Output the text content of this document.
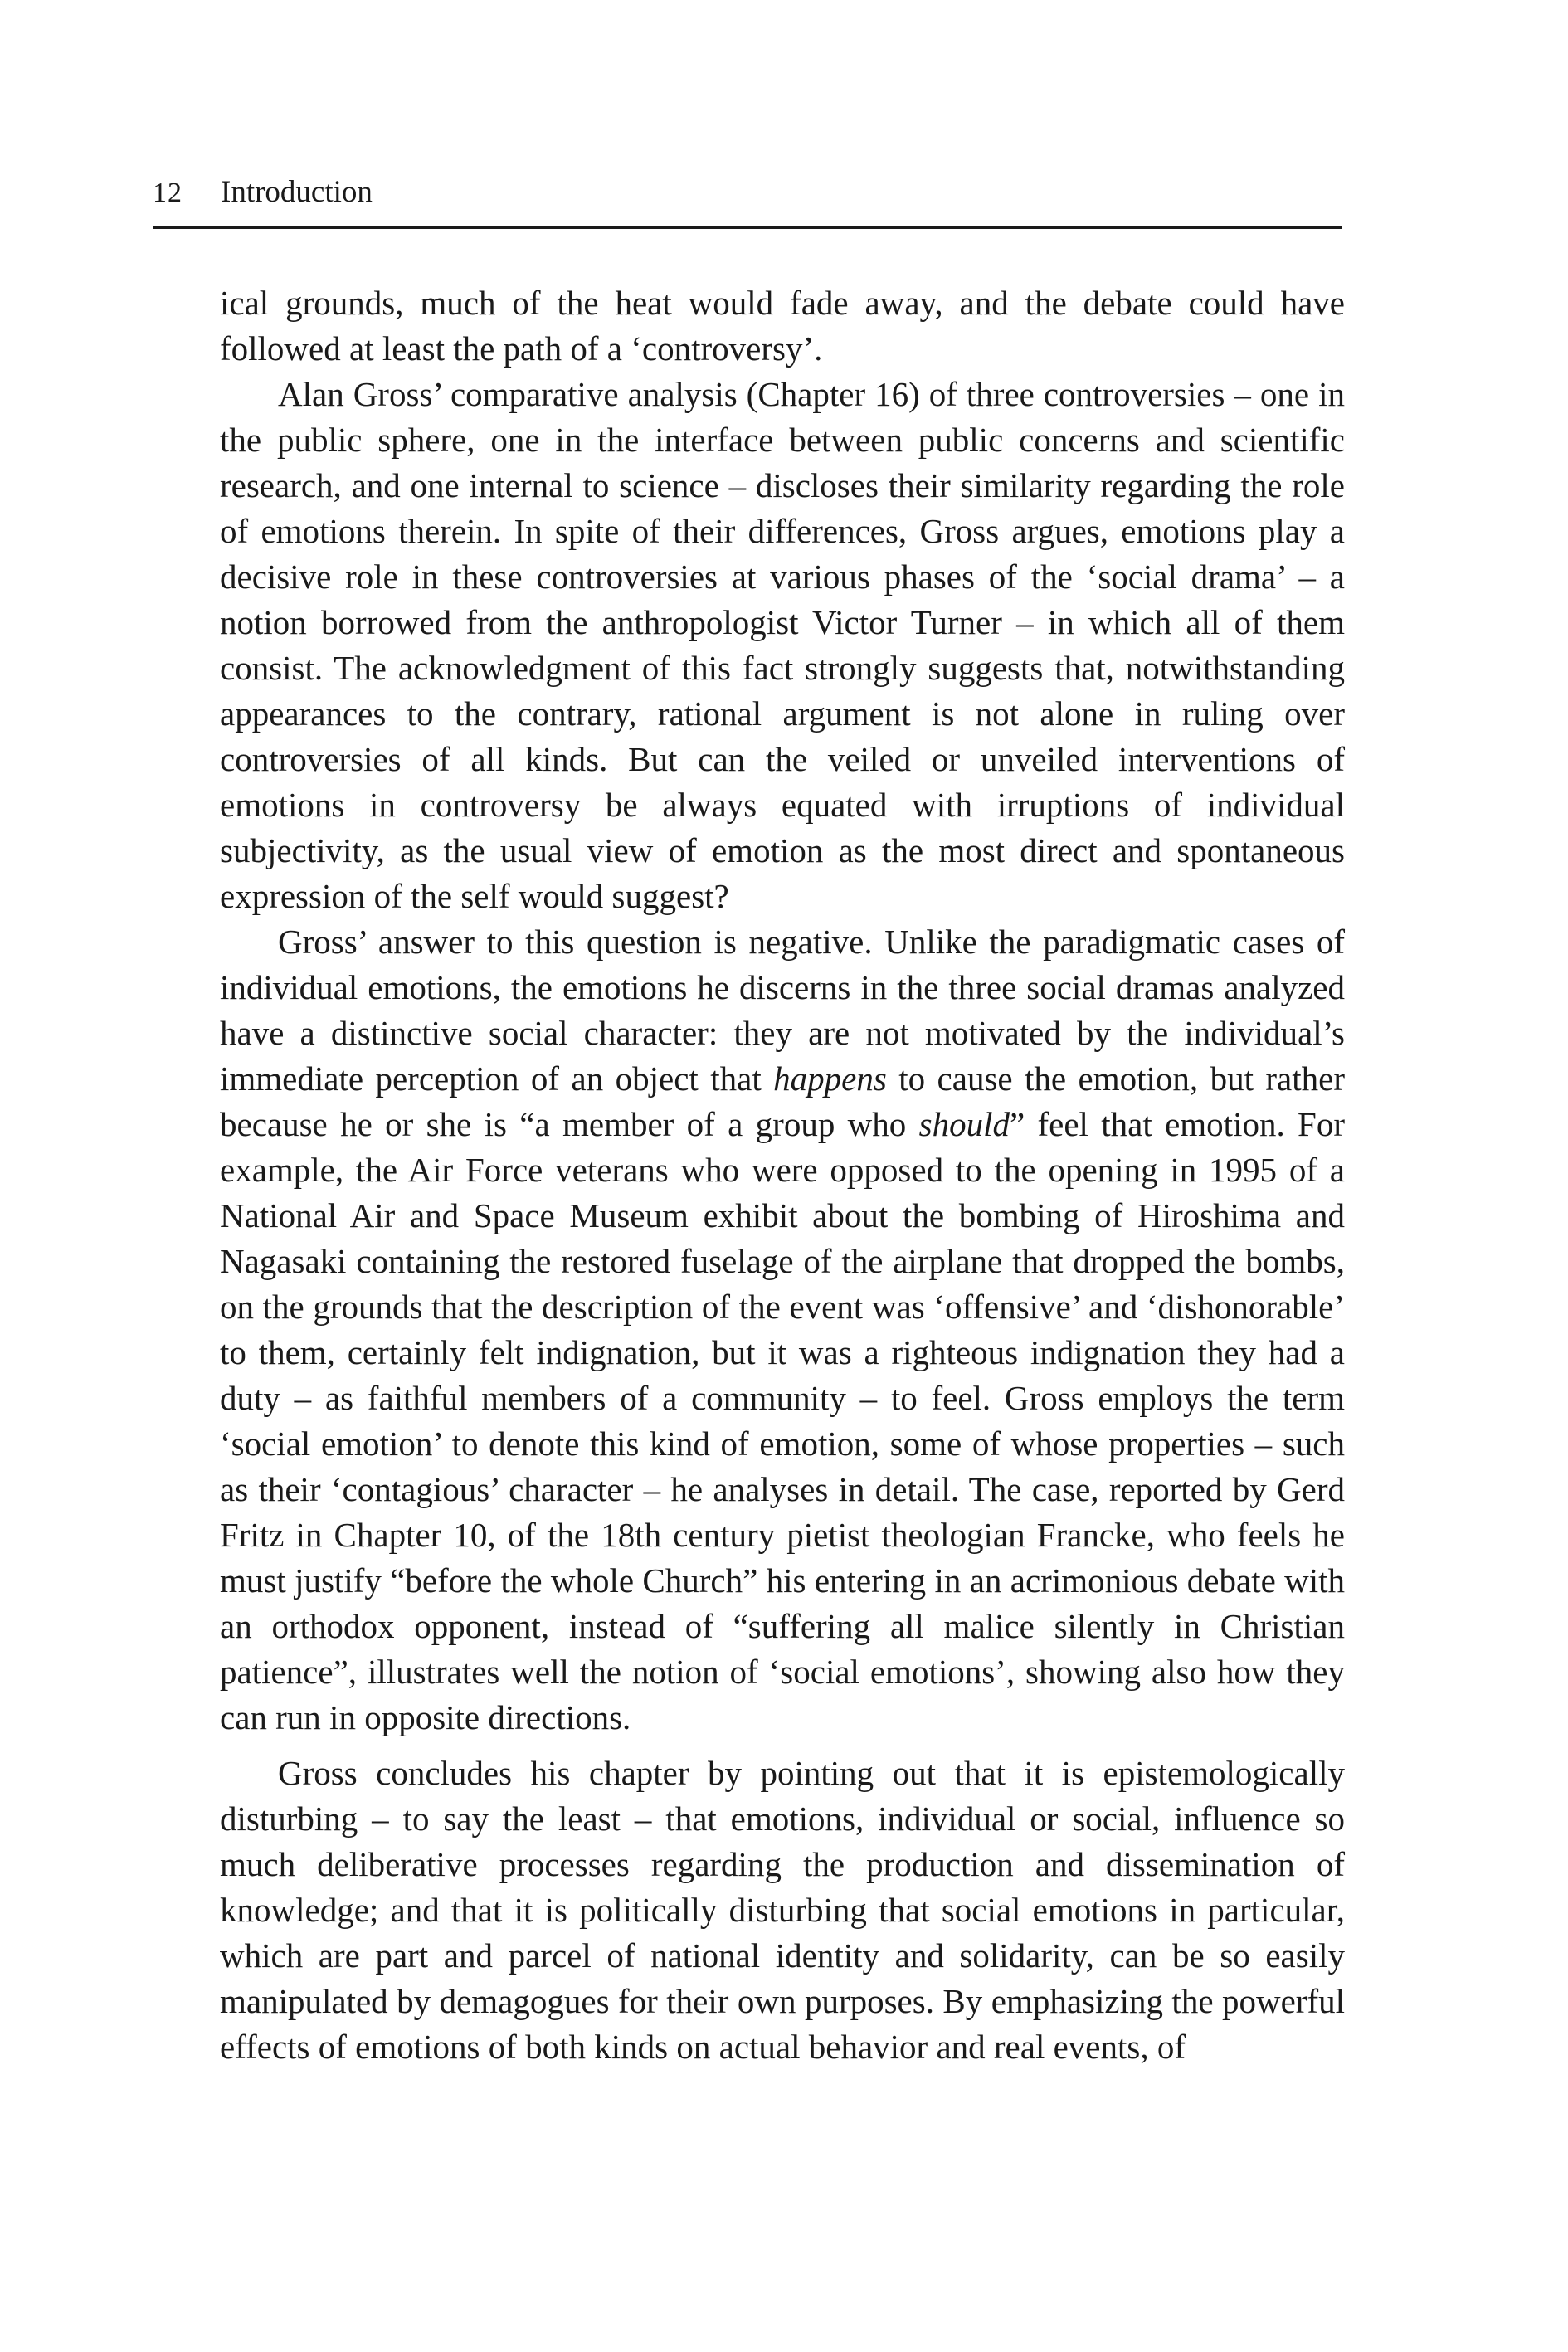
12 Introduction

ical grounds, much of the heat would fade away, and the debate could have followed at least the path of a ‘controversy’.

Alan Gross’ comparative analysis (Chapter 16) of three controversies – one in the public sphere, one in the interface between public concerns and scientific research, and one internal to science – discloses their similarity regarding the role of emotions therein. In spite of their differences, Gross argues, emotions play a decisive role in these controversies at various phases of the ‘social drama’ – a notion borrowed from the anthropologist Victor Turner – in which all of them consist. The acknowledgment of this fact strongly suggests that, notwithstanding appearances to the contrary, rational argument is not alone in ruling over controversies of all kinds. But can the veiled or unveiled interventions of emotions in controversy be always equated with irruptions of individual subjectivity, as the usual view of emotion as the most direct and spontaneous expression of the self would suggest?

Gross’ answer to this question is negative. Unlike the paradigmatic cases of individual emotions, the emotions he discerns in the three social dramas analyzed have a distinctive social character: they are not motivated by the individual’s immediate perception of an object that happens to cause the emotion, but rather because he or she is “a member of a group who should” feel that emotion. For example, the Air Force veterans who were opposed to the opening in 1995 of a National Air and Space Museum exhibit about the bombing of Hiroshima and Nagasaki containing the restored fuselage of the airplane that dropped the bombs, on the grounds that the description of the event was ‘offensive’ and ‘dishonorable’ to them, certainly felt indignation, but it was a righteous indignation they had a duty – as faithful members of a community – to feel. Gross employs the term ‘social emotion’ to denote this kind of emotion, some of whose properties – such as their ‘contagious’ character – he analyses in detail. The case, reported by Gerd Fritz in Chapter 10, of the 18th century pietist theologian Francke, who feels he must justify “before the whole Church” his entering in an acrimonious debate with an orthodox opponent, instead of “suffering all malice silently in Christian patience”, illustrates well the notion of ‘social emotions’, showing also how they can run in opposite directions.

Gross concludes his chapter by pointing out that it is epistemologically disturbing – to say the least – that emotions, individual or social, influence so much deliberative processes regarding the production and dissemination of knowledge; and that it is politically disturbing that social emotions in particular, which are part and parcel of national identity and solidarity, can be so easily manipulated by demagogues for their own purposes. By emphasizing the powerful effects of emotions of both kinds on actual behavior and real events, of
